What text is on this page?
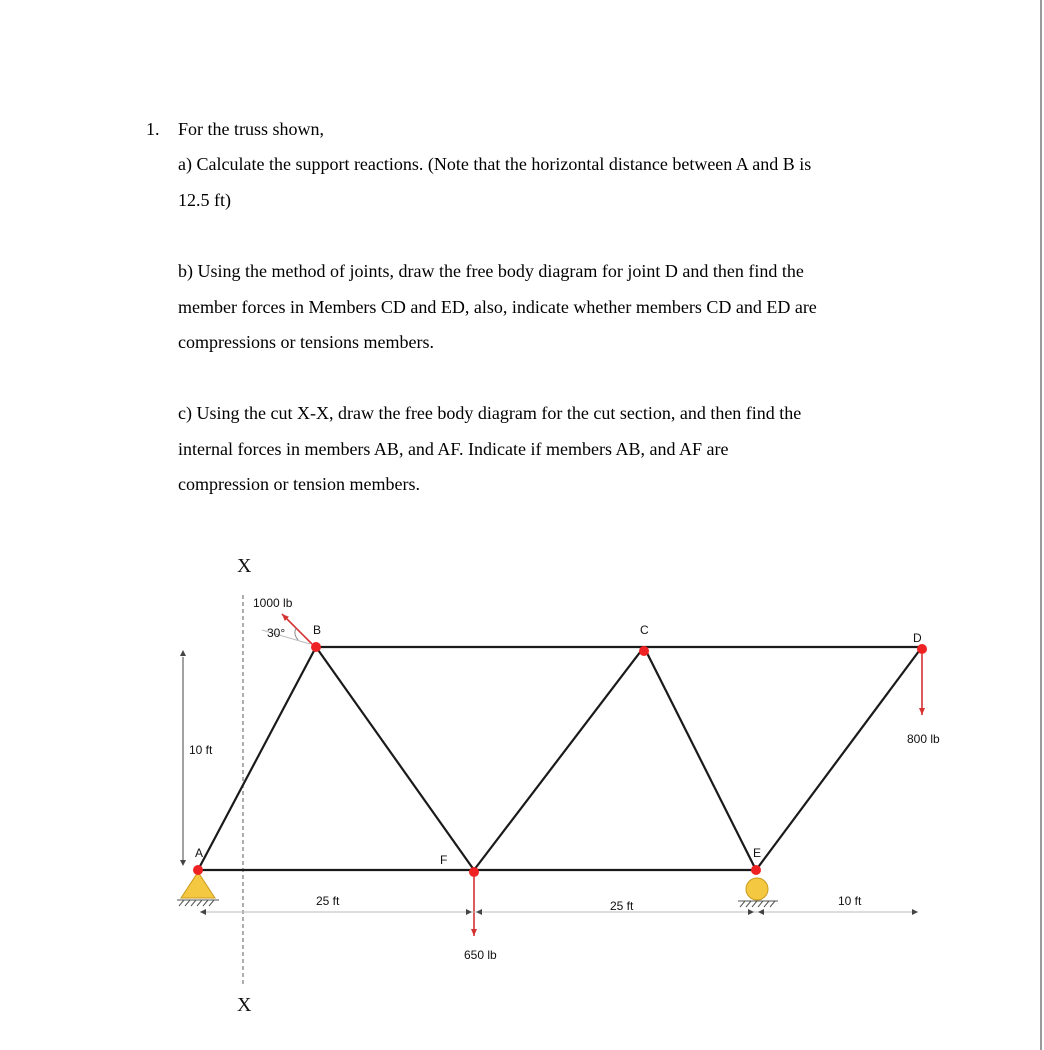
1. For the truss shown,

a) Calculate the support reactions. (Note that the horizontal distance between A and B is
12.5 ft)

b) Using the method of joints, draw the free body diagram for joint D and then find the
member forces in Members CD and ED, also, indicate whether members CD and ED are
compressions or tensions members.

c) Using the cut X-X, draw the free body diagram for the cut section, and then find the
internal forces in members AB, and AF. Indicate if members AB, and AF are
compression or tension members.

X
X
B	C
D
A	F	E
1000 lb
30°
800 lb
650 lb
10 ft
25 ft	25 ft	10 ft
